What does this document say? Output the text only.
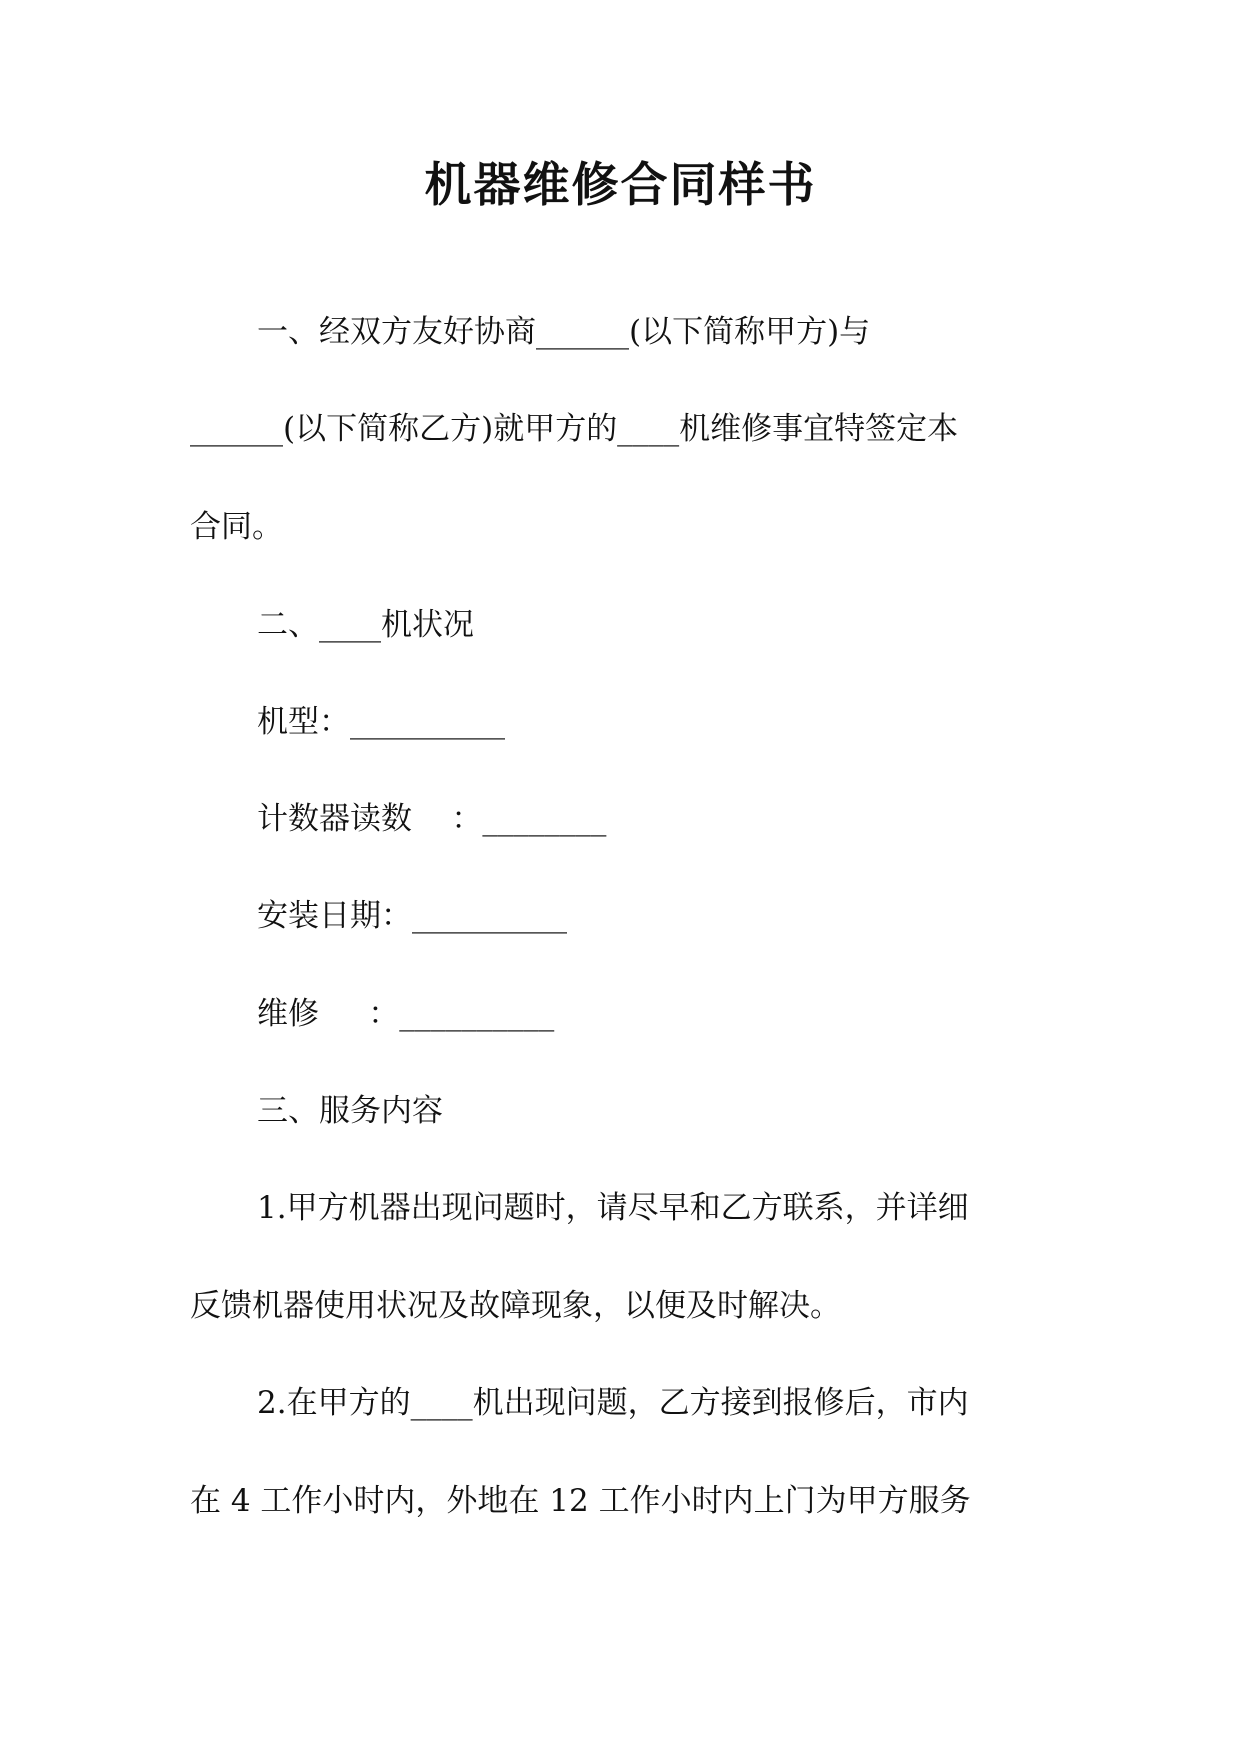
机器维修合同样书

一、经双方友好协商______(以下简称甲方)与

______(以下简称乙方)就甲方的____机维修事宜特签定本

合同。

二、____机状况

机型：__________

计数器读数    ：________

安装日期：__________

维修     ：__________

三、服务内容

1.甲方机器出现问题时，请尽早和乙方联系，并详细

反馈机器使用状况及故障现象，以便及时解决。

2.在甲方的____机出现问题，乙方接到报修后，市内

在 4 工作小时内，外地在 12 工作小时内上门为甲方服务
